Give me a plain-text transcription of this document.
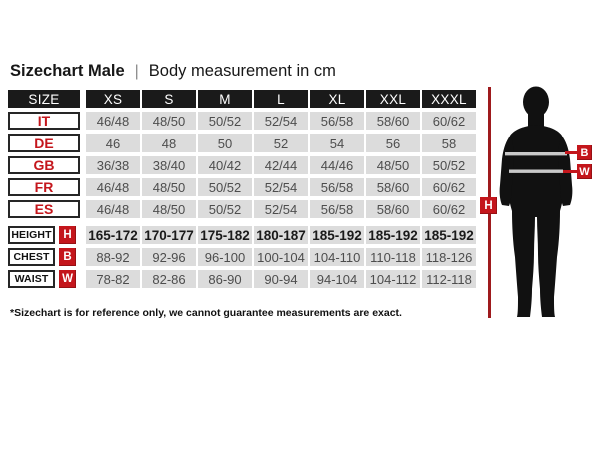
Sizechart Male | Body measurement in cm
SIZE	XS	S	M	L	XL	XXL	XXXL
IT	46/48	48/50	50/52	52/54	56/58	58/60	60/62
DE	46	48	50	52	54	56	58
GB	36/38	38/40	40/42	42/44	44/46	48/50	50/52
FR	46/48	48/50	50/52	52/54	56/58	58/60	60/62
ES	46/48	48/50	50/52	52/54	56/58	58/60	60/62
HEIGHT	H	165-172 170-177 175-182 180-187 185-192 185-192 185-192
CHEST	B	88-92	92-96	96-100 100-104 104-110 110-118 118-126
WAIST	W	78-82	82-86	86-90	90-94	94-104 104-112 112-118
H
B
W
*Sizechart is for reference only, we cannot guarantee measurements are exact.
